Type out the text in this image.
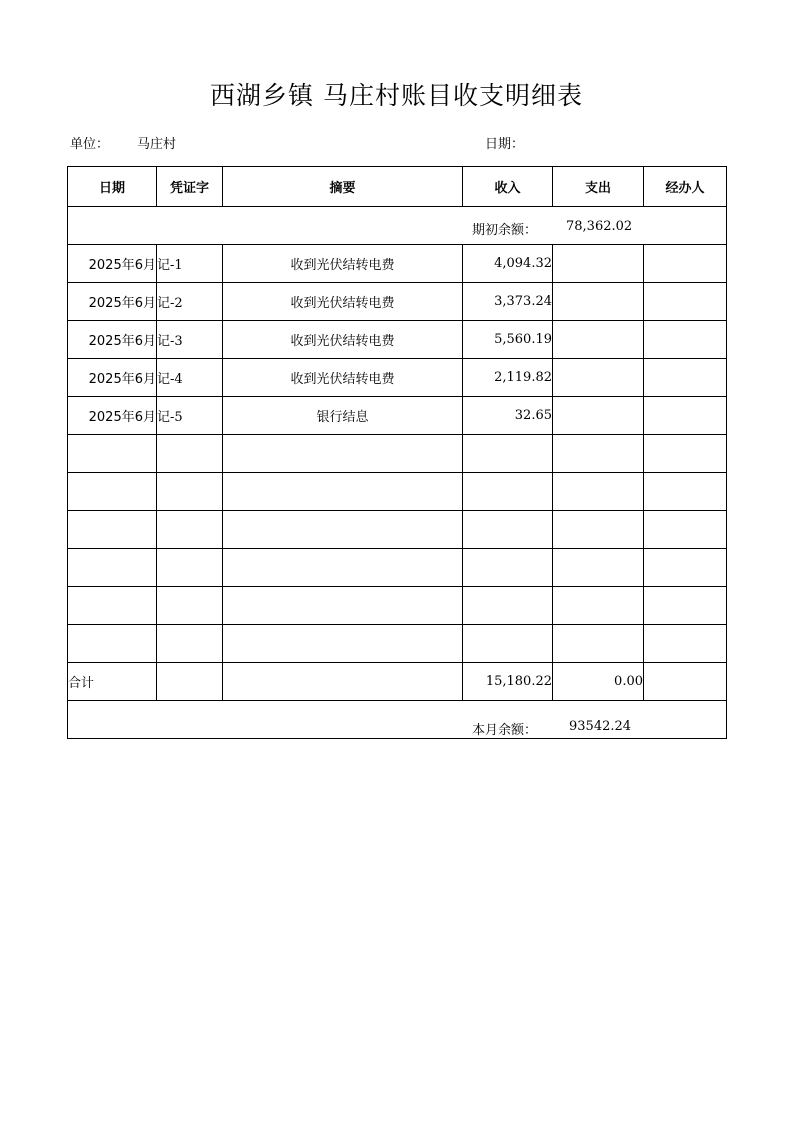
西湖乡镇 马庄村账目收支明细表
单位： 马庄村	日期：
日期	凭证字	摘要	收入	支出	经办人

期初余额： 78,362.02					

2025年6月	记-1	收到光伏结转电费	4,094.32		
2025年6月	记-2	收到光伏结转电费	3,373.24		
2025年6月	记-3	收到光伏结转电费	5,560.19		
2025年6月	记-4	收到光伏结转电费	2,119.82		
2025年6月	记-5	银行结息	32.65		

合计			15,180.22	0.00	

本月余额： 93542.24					
